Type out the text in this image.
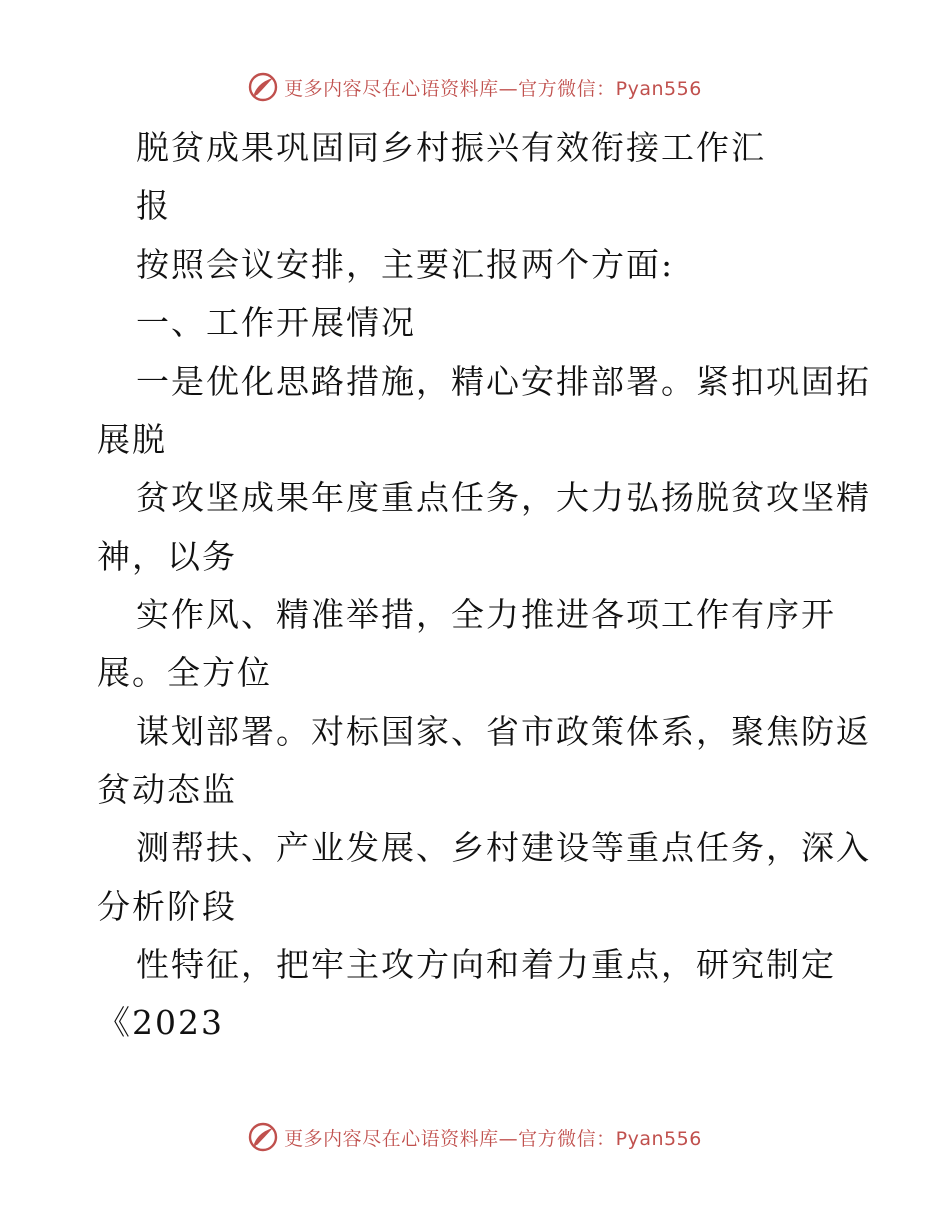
更多内容尽在心语资料库—官方微信：Pyan556
脱贫成果巩固同乡村振兴有效衔接工作汇
报
按照会议安排，主要汇报两个方面:
一、工作开展情况
一是优化思路措施，精心安排部署。紧扣巩固拓
展脱
贫攻坚成果年度重点任务，大力弘扬脱贫攻坚精
神，以务
实作风、精准举措，全力推进各项工作有序开
展。全方位
谋划部署。对标国家、省市政策体系，聚焦防返
贫动态监
测帮扶、产业发展、乡村建设等重点任务，深入
分析阶段
性特征，把牢主攻方向和着力重点，研究制定
《2023
更多内容尽在心语资料库—官方微信：Pyan556
